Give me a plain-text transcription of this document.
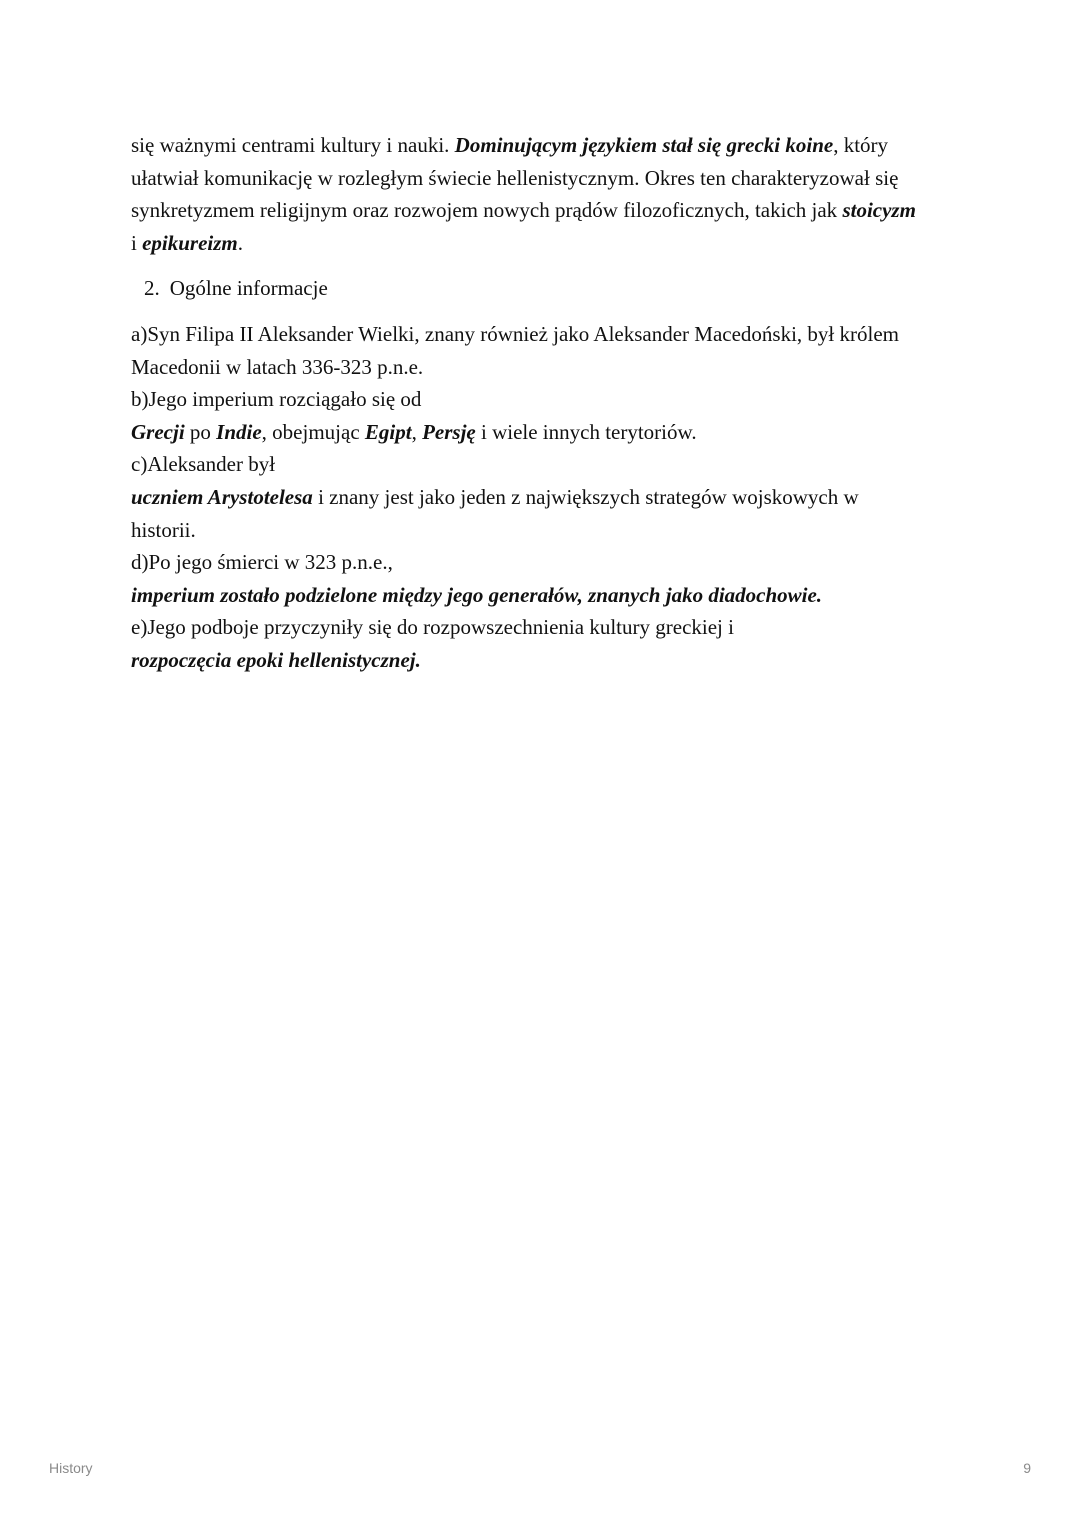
się ważnymi centrami kultury i nauki. Dominującym językiem stał się grecki koine, który
ułatwiał komunikację w rozległym świecie hellenistycznym. Okres ten charakteryzował się
synkretyzmem religijnym oraz rozwojem nowych prądów filozoficznych, takich jak stoicyzm
i epikureizm.
2. Ogólne informacje
a)Syn Filipa II Aleksander Wielki, znany również jako Aleksander Macedoński, był królem
Macedonii w latach 336-323 p.n.e.
b)Jego imperium rozciągało się od
Grecji po Indie, obejmując Egipt, Persję i wiele innych terytoriów.
c)Aleksander był
uczniem Arystotelesa i znany jest jako jeden z największych strategów wojskowych w
historii.
d)Po jego śmierci w 323 p.n.e.,
imperium zostało podzielone między jego generałów, znanych jako diadochowie.
e)Jego podboje przyczyniły się do rozpowszechnienia kultury greckiej i
rozpoczęcia epoki hellenistycznej.
History	9
